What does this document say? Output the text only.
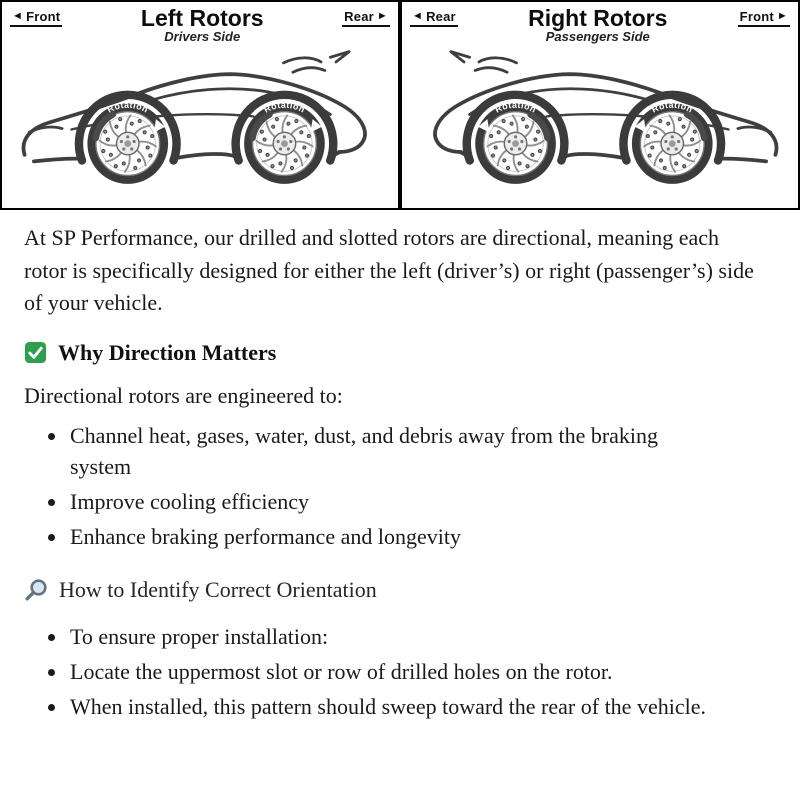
◄ Front	Left Rotors
Drivers Side
Rear ►
Rotation	Rotation
◄ Rear	Right Rotors
Passengers Side
Front ►
Rotation	Rotation

At SP Performance, our drilled and slotted rotors are directional, meaning each rotor is specifically designed for either the left (driver’s) or right (passenger’s) side of your vehicle.

Why Direction Matters

Directional rotors are engineered to:

• Channel heat, gases, water, dust, and debris away from the braking system
• Improve cooling efficiency
• Enhance braking performance and longevity
How to Identify Correct Orientation
• To ensure proper installation:
• Locate the uppermost slot or row of drilled holes on the rotor.
• When installed, this pattern should sweep toward the rear of the vehicle.
